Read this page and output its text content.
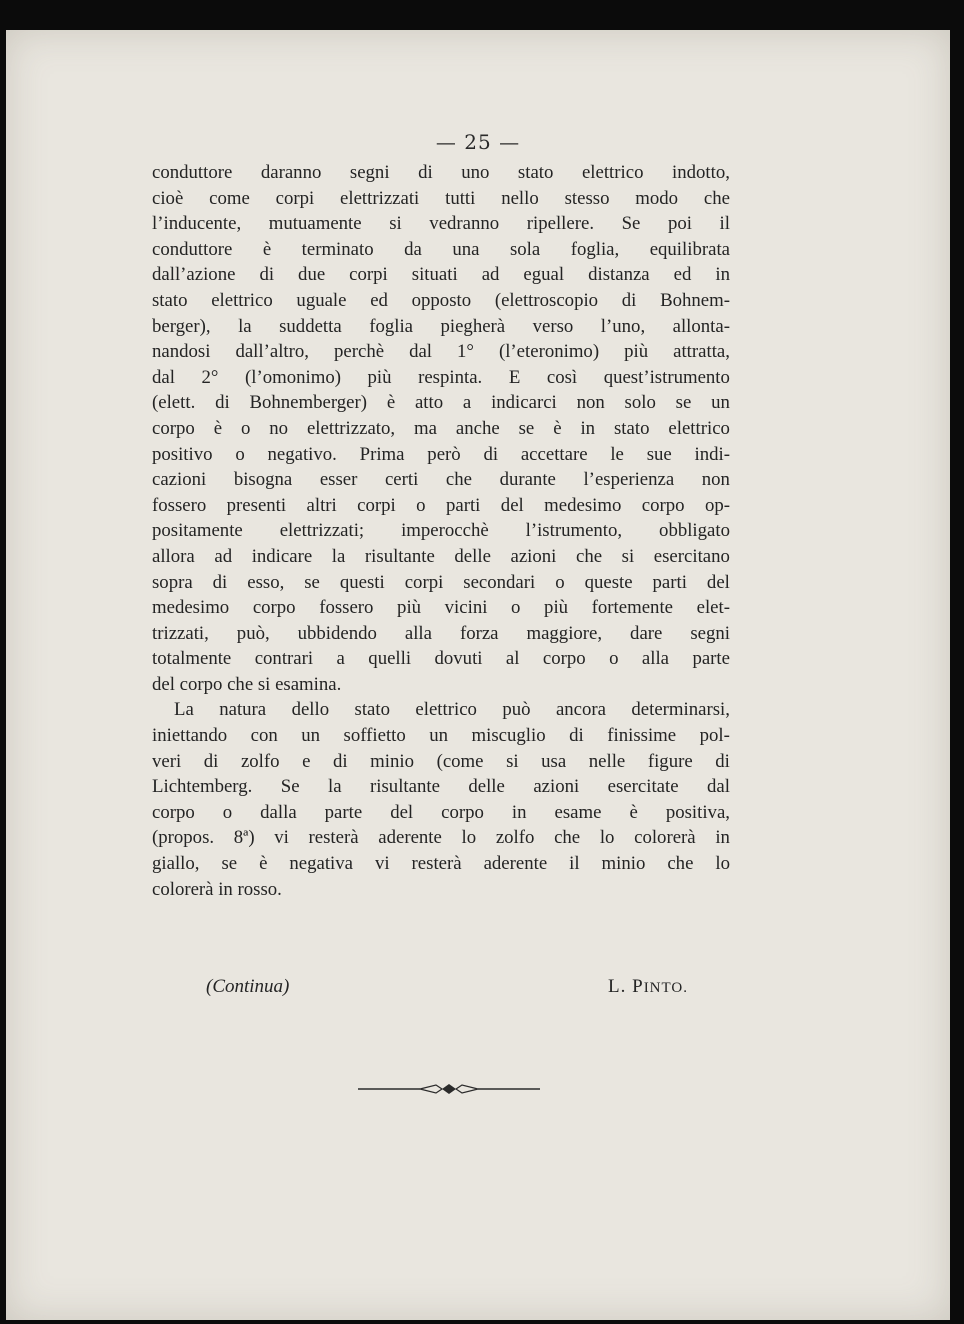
— 25 —
conduttore daranno segni di uno stato elettrico indotto,
cioè come corpi elettrizzati tutti nello stesso modo che
l’inducente, mutuamente si vedranno ripellere. Se poi il
conduttore è terminato da una sola foglia, equilibrata
dall’azione di due corpi situati ad egual distanza ed in
stato elettrico uguale ed opposto (elettroscopio di Bohnem-
berger), la suddetta foglia piegherà verso l’uno, allonta-
nandosi dall’altro, perchè dal 1° (l’eteronimo) più attratta,
dal 2° (l’omonimo) più respinta. E così quest’istrumento
(elett. di Bohnemberger) è atto a indicarci non solo se un
corpo è o no elettrizzato, ma anche se è in stato elettrico
positivo o negativo. Prima però di accettare le sue indi-
cazioni bisogna esser certi che durante l’esperienza non
fossero presenti altri corpi o parti del medesimo corpo op-
positamente elettrizzati; imperocchè l’istrumento, obbligato
allora ad indicare la risultante delle azioni che si esercitano
sopra di esso, se questi corpi secondari o queste parti del
medesimo corpo fossero più vicini o più fortemente elet-
trizzati, può, ubbidendo alla forza maggiore, dare segni
totalmente contrari a quelli dovuti al corpo o alla parte
del corpo che si esamina.
La natura dello stato elettrico può ancora determinarsi,
iniettando con un soffietto un miscuglio di finissime pol-
veri di zolfo e di minio (come si usa nelle figure di
Lichtemberg. Se la risultante delle azioni esercitate dal
corpo o dalla parte del corpo in esame è positiva,
(propos. 8ª) vi resterà aderente lo zolfo che lo colorerà in
giallo, se è negativa vi resterà aderente il minio che lo
colorerà in rosso.
(Continua)	L. PINTO.
